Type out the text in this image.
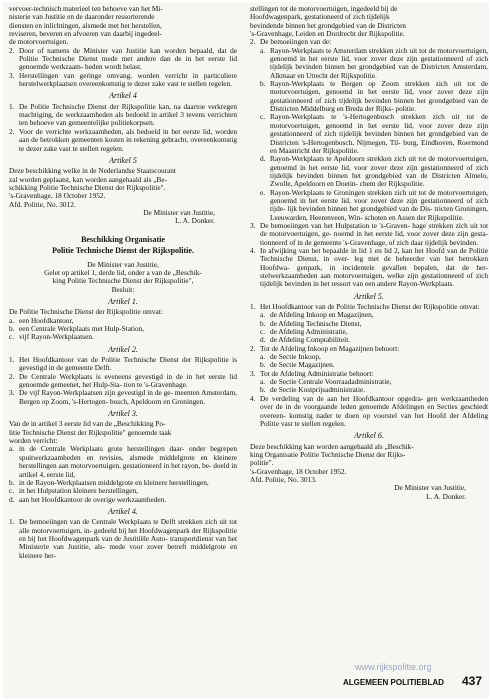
vervoer-technisch materieel ten behoeve van het Mi-

nisterie van Justitie en de daaronder ressorterende

diensten en inlichtingen, alsmede met het herstellen,

reviseren, beveren en afvoeren van daarbij ingedeel-

de motorvoertuigen.

2. Door of namens de Minister van Justitie kan worden bepaald, dat de Politie Technische Dienst mede met andere dan de in het eerste lid genoemde werkzaam- heden wordt belast.
3. Herstellingen van geringe omvang, worden verricht in particuliere herstelwerkplaatsen overeenkomstig te dezer zake vast te stellen regelen.
Artikel 4
1. De Politie Technische Dienst der Rijkspolitie kan, na daartoe verkregen machtiging, de werkzaamheden als bedoeld in artikel 3 tevens verrichten ten behoeve van gemeentelijke politiekorpsen.
2. Voor de verrichte werkzaamheden, als bedoeld in het eerste lid, worden aan de betrokken gemeenten kosten in rekening gebracht, overeenkomstig te dezer zake vast te stellen regelen.
Artikel 5

Deze beschikking welke in de Nederlandse Staatscourant

zal worden geplaatst, kan worden aangehaald als „Be-

schikking Politie Technische Dienst der Rijkspolitie".

's-Gravenhage, 18 October 1952.

Afd. Politie, No. 3012.

De Minister van Justitie,

L. A. Donker.

Beschikking Organisatie
Politie Technische Dienst der Rijkspolitie.

De Minister van Justitie,

Gelet op artikel 1, derde lid, onder a van de „Beschik-

king Politie Technische Dienst der Rijkspolitie",

Besluit:

Artikel 1.

De Politie Technische Dienst der Rijkspolitie omvat:

a. een Hoofdkantoor,
b. een Centrale Werkplaats met Hulp-Station,
c. vijf Rayon-Werkplaatsen.
Artikel 2.
1. Het Hoofdkantoor van de Politie Technische Dienst der Rijkspolitie is gevestigd in de gemeente Delft.
2. De Centrale Werkplaats is eveneens gevestigd in de in het eerste lid genoemde gemeenet, het Hulp-Sta- tion te 's-Gravenhage.
3. De vijf Rayon-Werkplaatsen zijn gevestigd in de ge- meenten Amsterdam, Bergen op Zoom, 's-Hertogen- bosch, Apeldoorn en Groningen.
Artikel 3.

Van de in artikel 3 eerste lid van de „Beschikking Po-

litie Technische Dienst der Rijkspolitie" genoemde taak

worden verricht:

a. in de Centrale Werkplaats grote herstellingen daar- onder begrepen spuitwerkzaamheden en revisies, alsmede middelgrote en kleinere herstellingen aan motorvoertuigen, gestationeerd in het rayon, be- doeld in artikel 4, eerste lid,
b. in de Rayon-Werkplaatsen middelgrote en kleinere herstellingen,
c. in het Hulpstation kleinere herstellingen,
d. aan het Hoofdkantoor de overige werkzaamheden.
Artikel 4.
1. De bemoeiingen van de Centrale Werkplaats te Delft strekken zich uit tot alle motorvoertuigen, in- gedeeld bij het Hoofdwagenpark der Rijkspolitie en bij het Hoofdwagenpark van de Justitiële Auto- transportdienst van het Ministerie van Justitie, als- mede voor zover betreft middelgrote en kleinere her-

stellingen tot de motorvoertuigen, ingedeeld bij de

Hoofdwagenpark, gestationeerd of zich tijdelijk

bevindende binnen het grondgebied van de Districten

's-Gravenhage, Leiden en Dordrecht der Rijkspolitie.

2. De bemoeiingen van de:
a. Rayon-Werkplaats te Amsterdam strekken zich uit tot de motorvoertuigen, genoemd in het eerste lid, voor zover deze zijn gestationneerd of zich tijdelijk bevinden binnen het grondgebied van de Districten Amsterdam, Alkmaar en Utrecht der Rijkspolitie.
b. Rayon-Werkplaats te Bergen op Zoom strekken zich uit tot de motorvoertuigen, genoemd in het eerste lid, voor zover deze zijn gestationneerd of zich tijdelijk bevinden binnen het grondgebied van de Districten Middelburg en Breda der Rijks- politie.
c. Rayon-Werkplaats te 's-Hertogenbosch strekken zich uit tot de motorvoertuigen, genoemd in het eerste lid, voor zover deze zijn gestationneerd of zich tijdelijk bevinden binnen het grondgebied van de Districten 's-Hertogenbosch, Nijmegen, Til- burg, Eindhoven, Roermond en Maastricht der Rijkspolitie.
d. Rayon-Werkplaats te Apeldoorn strekken zich uit tot de motorvoertuigen, genoemd in het eerste lid, voor zover deze zijn gestationneerd of zich tijdelijk bevinden binnen het grondgebied van de Districten Almelo, Zwolle, Apeldoorn en Doetin- chem der Rijkspolitie.
e. Rayon-Werkplaats te Groningen strekken zich uit tot de motorvoertuigen, genoemd in het eerste lid, voor zover deze zijn gestationneerd of zich tijde- lijk bevinden binnen het grondgebied van de Dis- tricten Groningen, Leeuwarden, Heerenveen, Win- schoten en Assen der Rijkspolitie.
3. De bemoeiingen van het Hulpstation te 's-Graven- hage strekken zich uit tot de motorvoertuigen, ge- noemd in het eerste lid, voor zover deze zijn gesta- tionneerd of in de gemeente 's-Gravenhage, of zich daar tijdelijk bevinden.
4. In afwijking van het bepaalde in lid 1 en lid 2, kan het Hoofd van de Politie Technische Dienst, in over- leg met de beheerder van het betrokken Hoofdwa- genpark, in incidentele gevallen bepalen, dat de her- stelwerkzaamheden aan motorvoertuigen, welke zijn gestationneerd of zich tijdelijk bevinden in het ressort van een andere Rayon-Werkplaats.
Artikel 5.
1. Het Hoofdkantoor van de Politie Technische Dienst der Rijkspolitie omvat:
a. de Afdeling Inkoop en Magazijnen,
b. de Afdeling Technische Dienst,
c. de Afdeling Administratie,
d. de Afdeling Comptabiliteit.
2. Tot de Afdeling Inkoop en Magazijnen behoort:
a. de Sectie Inkoop,
b. de Sectie Magazijnen.
3. Tot de Afdeling Administratie behoort:
a. de Sectie Centrale Voorraadadministratie,
b. de Sectie Kostprijsadministratie.
4. De verdeling van de aan het Hoofdkantoor opgedra- gen werkzaamheden over de in de voorgaande leden genoemde Afdelingen en Secties geschiedt overeen- komstig nader te doen op voorstel van het Hoofd der Afdeling Politie vast te stellen regelen.
Artikel 6.

Deze beschikking kan worden aangehaald als „Beschik-

king Organisatie Politie Technische Dienst der Rijks-

politie".

's-Gravenhage, 18 October 1952.

Afd. Politie, No. 3013.

De Minister van Justitie,

L. A. Donker.

www.rijkspolitie.org
ALGEMEEN POLITIEBLAD 437
